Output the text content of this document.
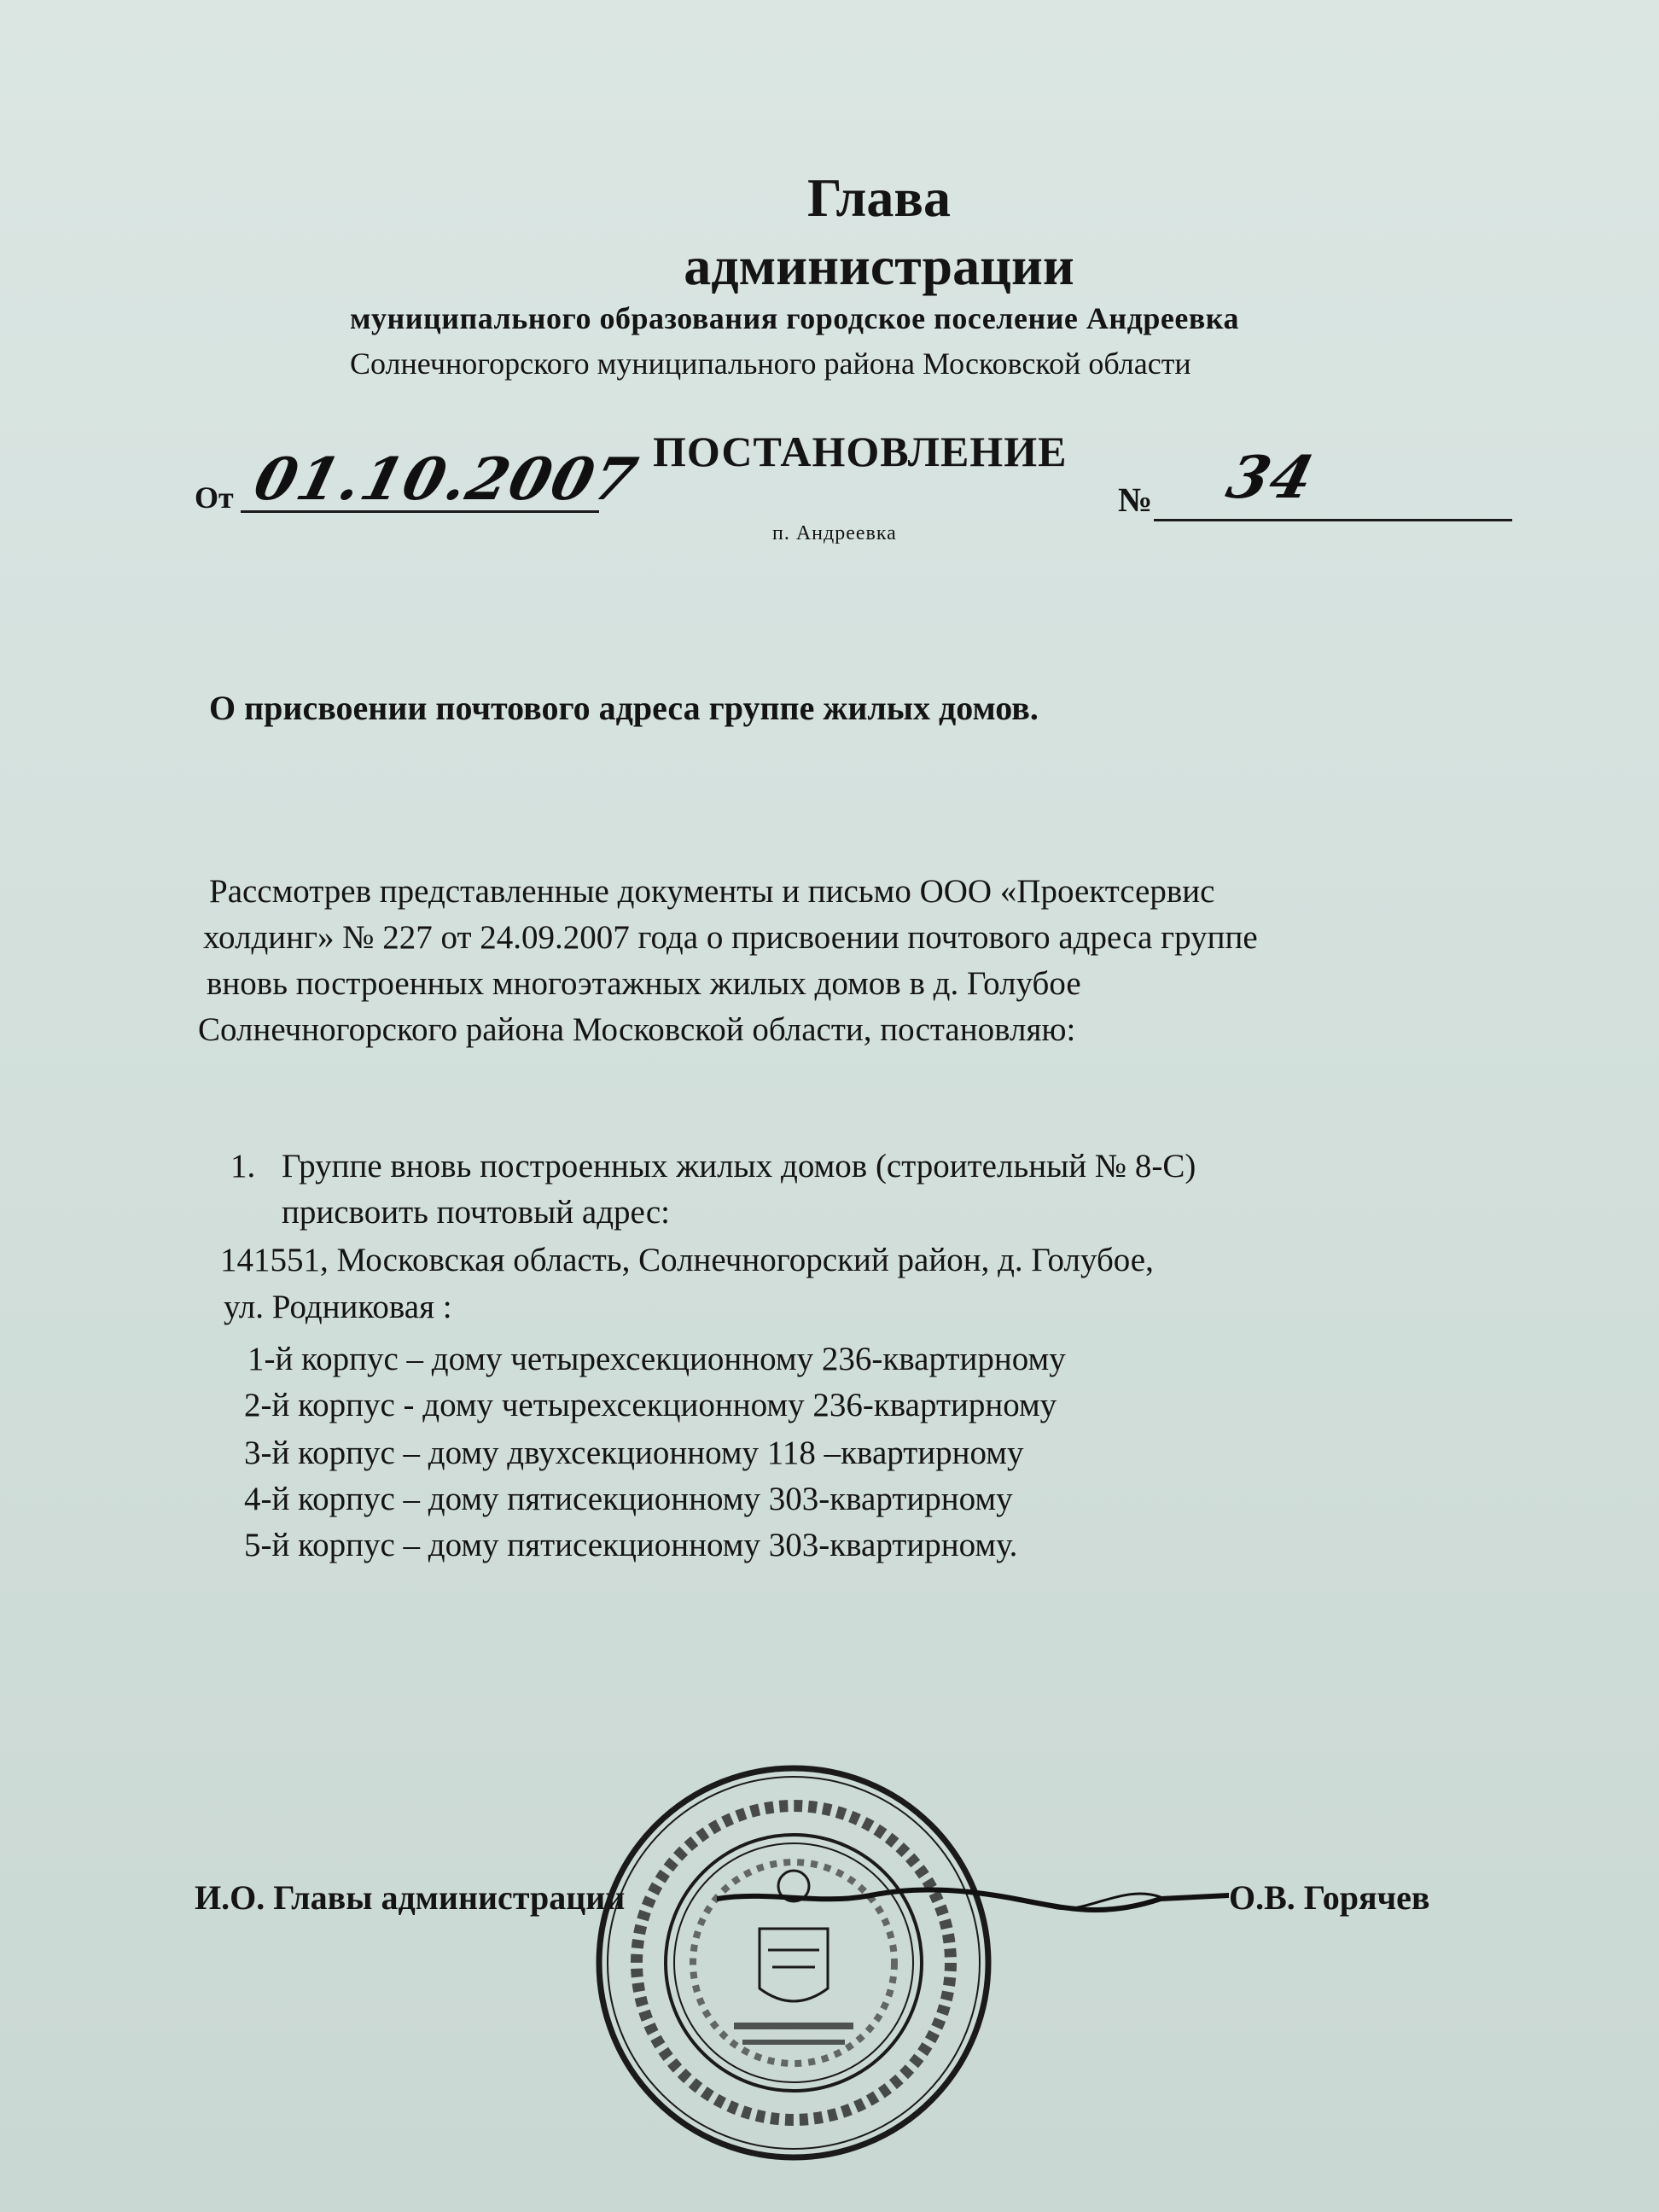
Глава
администрации
муниципального образования городское поселение Андреевка
Солнечногорского муниципального района Московской области
От 01.10.2007 ПОСТАНОВЛЕНИЕ
п. Андреевка
№ 34
О присвоении почтового адреса группе жилых домов.
Рассмотрев представленные документы и письмо ООО «Проектсервис
холдинг» № 227 от 24.09.2007 года о присвоении почтового адреса группе
вновь построенных многоэтажных жилых домов в д. Голубое
Солнечногорского района Московской области, постановляю:
1. Группе вновь построенных жилых домов (строительный № 8-С)
присвоить почтовый адрес:
141551, Московская область, Солнечногорский район, д. Голубое,
ул. Родниковая :
1-й корпус – дому четырехсекционному 236-квартирному
2-й корпус - дому четырехсекционному 236-квартирному
3-й корпус – дому двухсекционному 118 –квартирному
4-й корпус – дому пятисекционному 303-квартирному
5-й корпус – дому пятисекционному 303-квартирному.
И.О. Главы администрации	О.В. Горячев
